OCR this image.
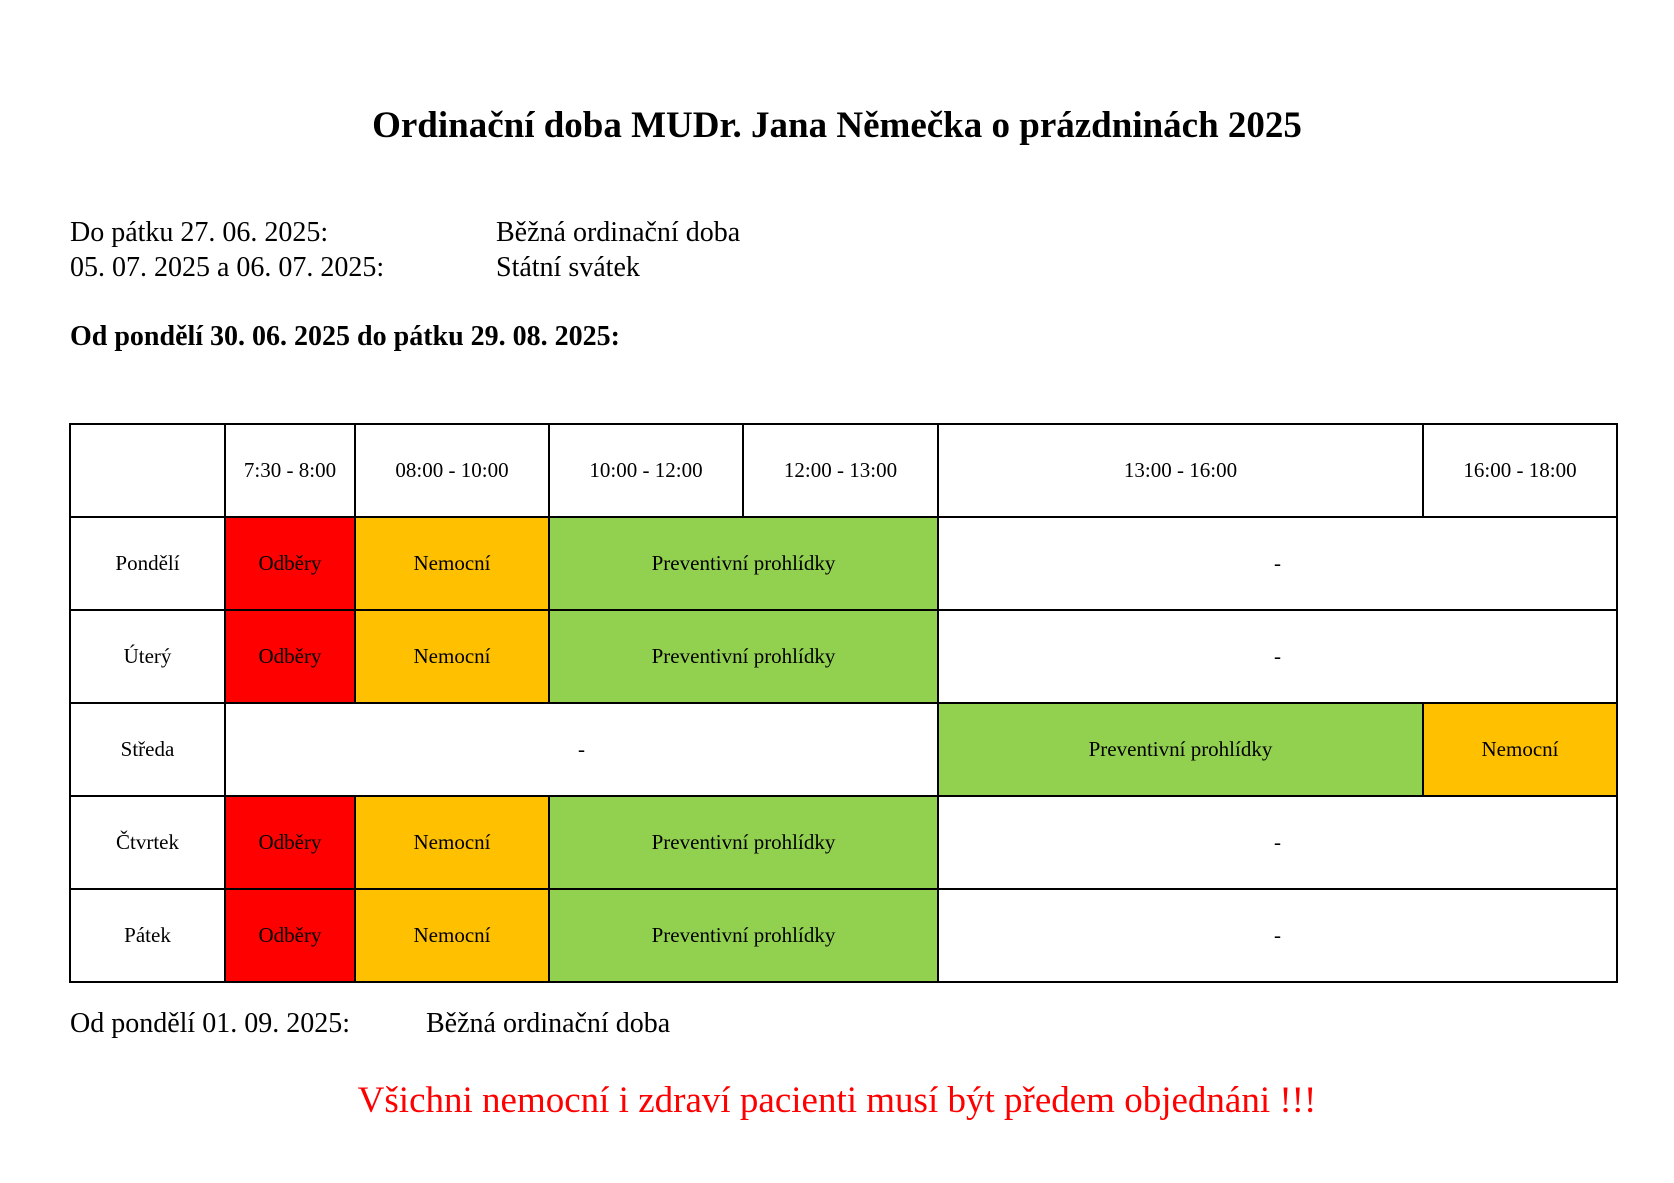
Ordinační doba MUDr. Jana Němečka o prázdninách 2025
Do pátku 27. 06. 2025:	Běžná ordinační doba
05. 07. 2025 a 06. 07. 2025:	Státní svátek
Od pondělí 30. 06. 2025 do pátku 29. 08. 2025:
	7:30 - 8:00	08:00 - 10:00	10:00 - 12:00	12:00 - 13:00	13:00 - 16:00	16:00 - 18:00
Pondělí	Odběry	Nemocní	Preventivní prohlídky		-	
Úterý	Odběry	Nemocní	Preventivní prohlídky		-	
Středa	-				Preventivní prohlídky	Nemocní
Čtvrtek	Odběry	Nemocní	Preventivní prohlídky		-	
Pátek	Odběry	Nemocní	Preventivní prohlídky		-	
Od pondělí 01. 09. 2025:	Běžná ordinační doba
Všichni nemocní i zdraví pacienti musí být předem objednáni !!!
